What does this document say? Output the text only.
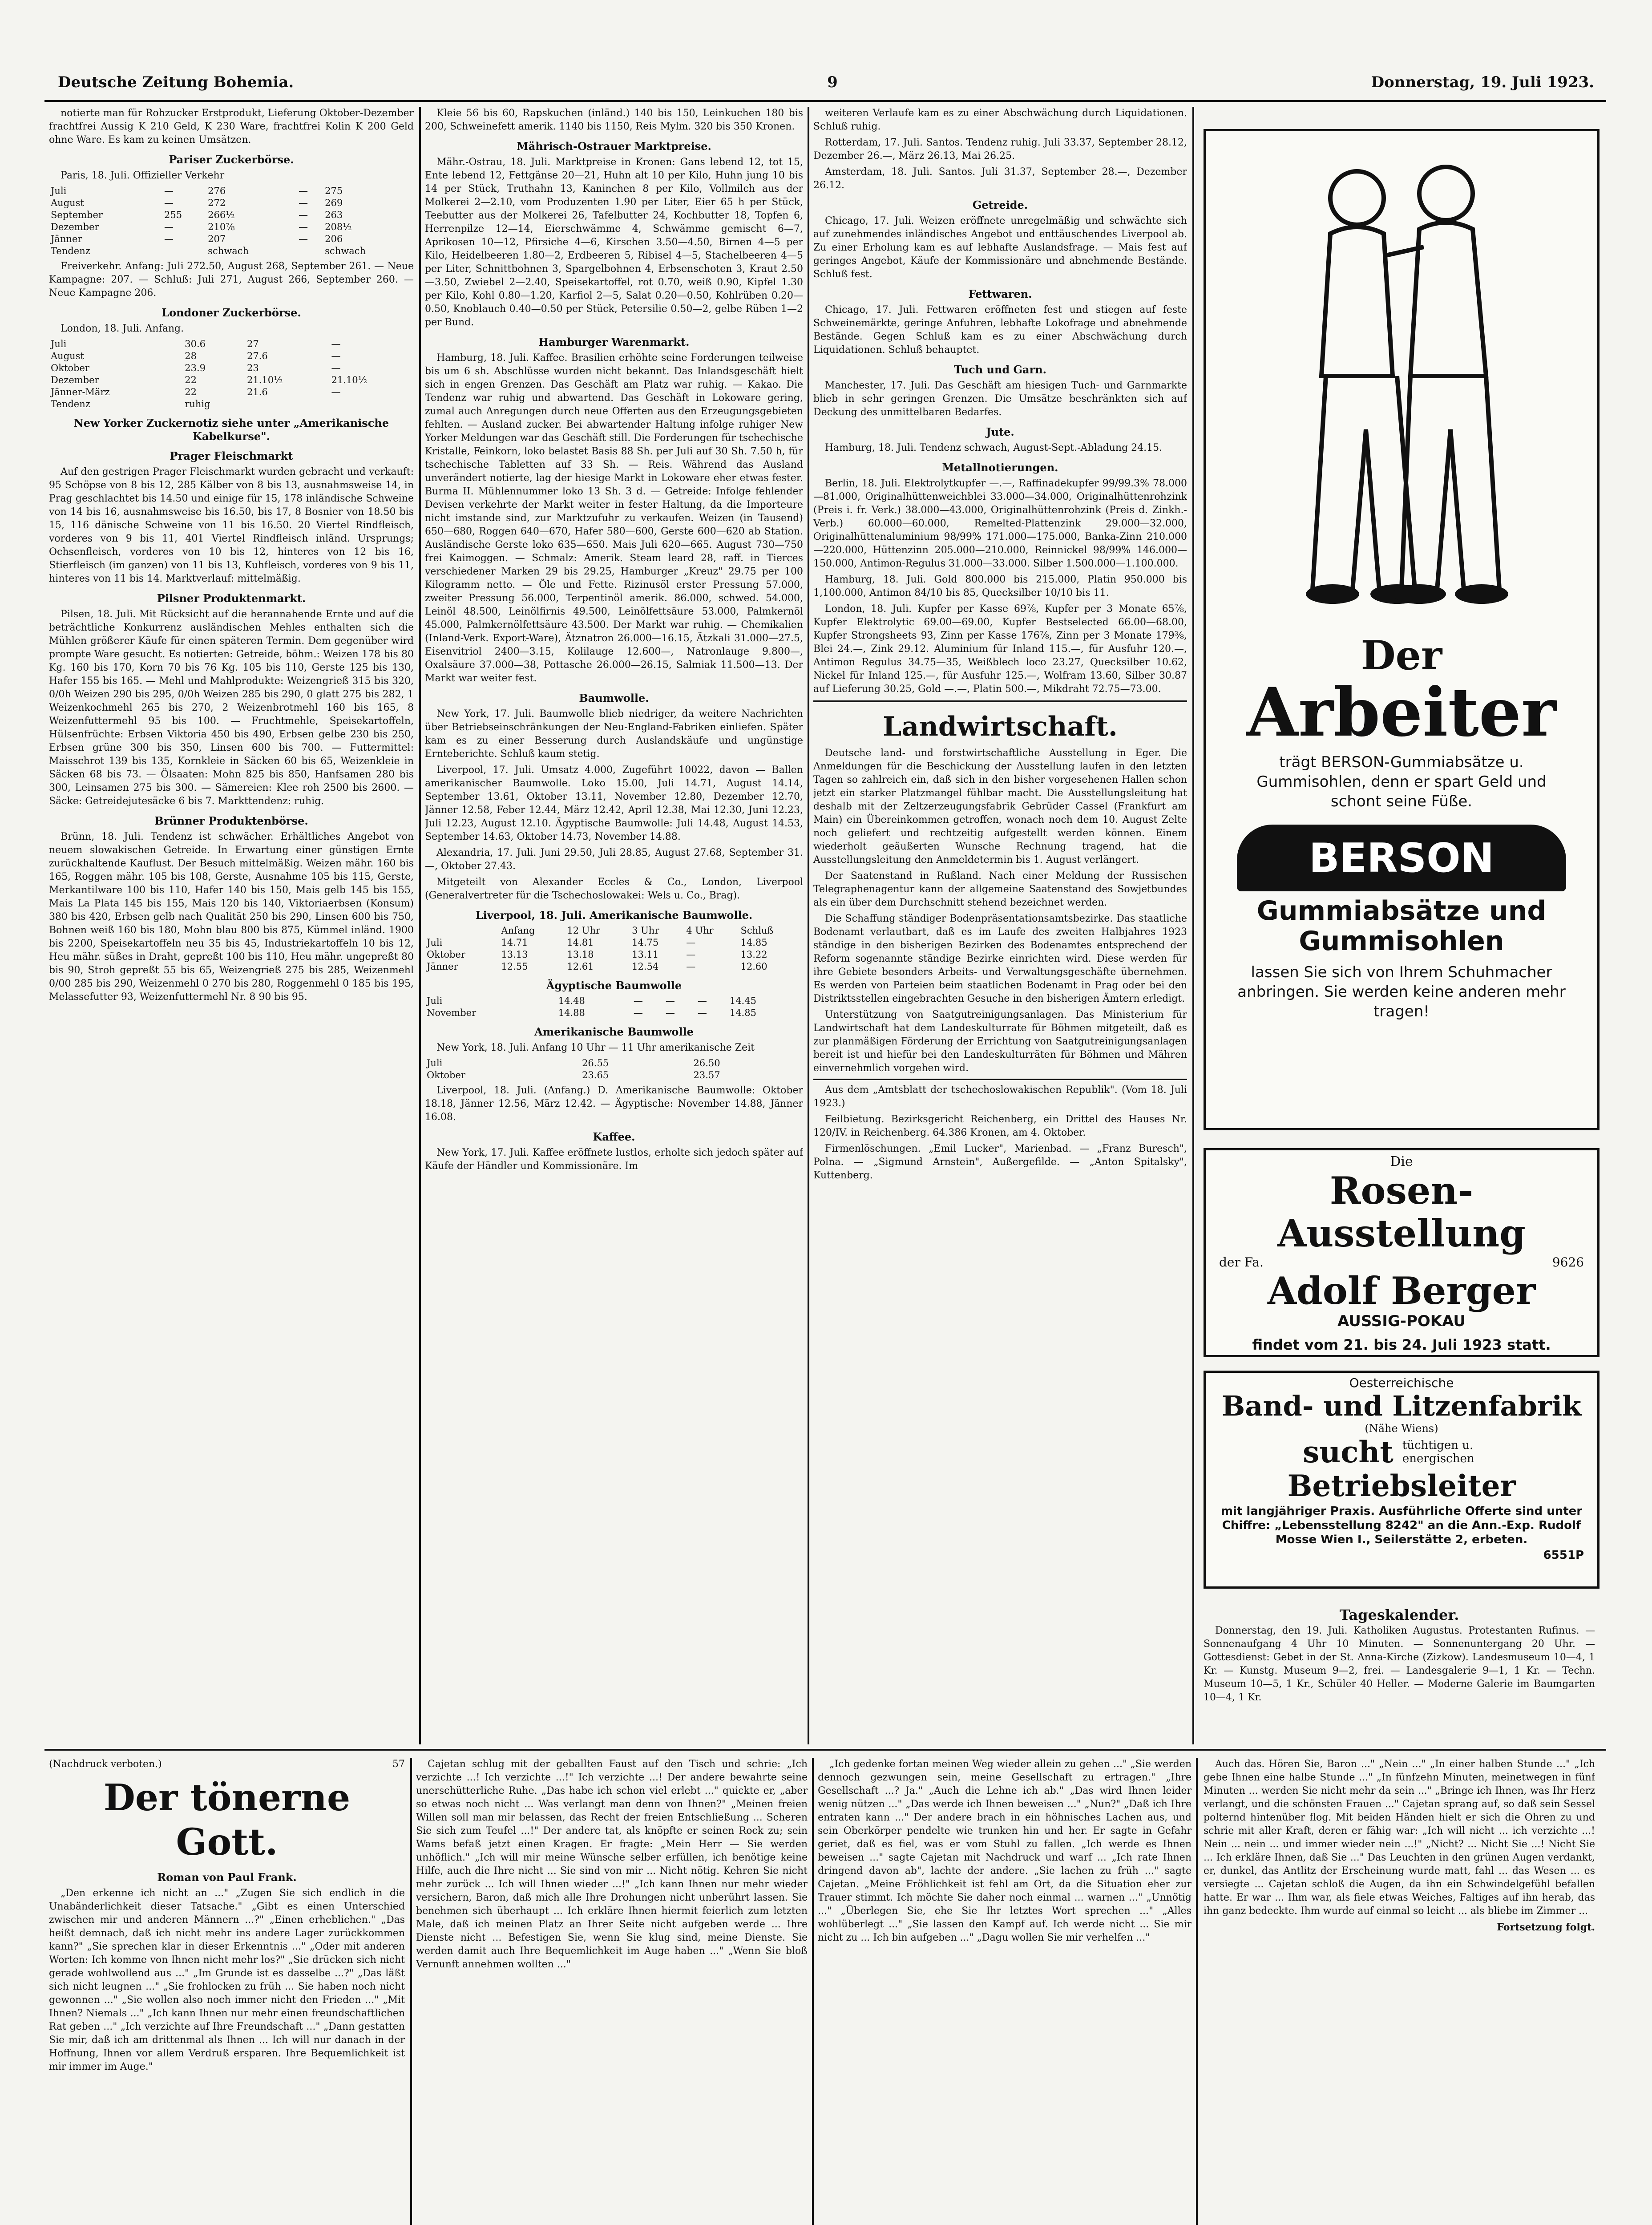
Deutsche Zeitung Bohemia.	9	Donnerstag, 19. Juli 1923.

notierte man für Rohzucker Erstprodukt, Lieferung Oktober-Dezember frachtfrei Aussig K 210 Geld, K 230 Ware, frachtfrei Kolin K 200 Geld ohne Ware. Es kam zu keinen Umsätzen.

Pariser Zuckerbörse.

Paris, 18. Juli. Offizieller Verkehr

Juli	—	276	—	275
August	—	272	—	269
September	255	266½	—	263
Dezember	—	210⅞	—	208½
Jänner	—	207	—	206
Tendenz		schwach		schwach

Freiverkehr. Anfang: Juli 272.50, August 268, September 261. — Neue Kampagne: 207. — Schluß: Juli 271, August 266, September 260. — Neue Kampagne 206.

Londoner Zuckerbörse.

London, 18. Juli. Anfang.

Juli	30.6	27	—
August	28	27.6	—
Oktober	23.9	23	—
Dezember	22	21.10½	21.10½
Jänner-März	22	21.6	—
Tendenz	ruhig		
New Yorker Zuckernotiz siehe unter „Amerikanische Kabelkurse".
Prager Fleischmarkt

Auf den gestrigen Prager Fleischmarkt wurden gebracht und verkauft: 95 Schöpse von 8 bis 12, 285 Kälber von 8 bis 13, ausnahmsweise 14, in Prag geschlachtet bis 14.50 und einige für 15, 178 inländische Schweine von 14 bis 16, ausnahmsweise bis 16.50, bis 17, 8 Bosnier von 18.50 bis 15, 116 dänische Schweine von 11 bis 16.50. 20 Viertel Rindfleisch, vorderes von 9 bis 11, 401 Viertel Rindfleisch inländ. Ursprungs; Ochsenfleisch, vorderes von 10 bis 12, hinteres von 12 bis 16, Stierfleisch (im ganzen) von 11 bis 13, Kuhfleisch, vorderes von 9 bis 11, hinteres von 11 bis 14. Marktverlauf: mittelmäßig.

Pilsner Produktenmarkt.

Pilsen, 18. Juli. Mit Rücksicht auf die herannahende Ernte und auf die beträchtliche Konkurrenz ausländischen Mehles enthalten sich die Mühlen größerer Käufe für einen späteren Termin. Dem gegenüber wird prompte Ware gesucht. Es notierten: Getreide, böhm.: Weizen 178 bis 80 Kg. 160 bis 170, Korn 70 bis 76 Kg. 105 bis 110, Gerste 125 bis 130, Hafer 155 bis 165. — Mehl und Mahlprodukte: Weizengrieß 315 bis 320, 0/0h Weizen 290 bis 295, 0/0h Weizen 285 bis 290, 0 glatt 275 bis 282, 1 Weizenkochmehl 265 bis 270, 2 Weizenbrotmehl 160 bis 165, 8 Weizenfuttermehl 95 bis 100. — Fruchtmehle, Speisekartoffeln, Hülsenfrüchte: Erbsen Viktoria 450 bis 490, Erbsen gelbe 230 bis 250, Erbsen grüne 300 bis 350, Linsen 600 bis 700. — Futtermittel: Maisschrot 139 bis 135, Kornkleie in Säcken 60 bis 65, Weizenkleie in Säcken 68 bis 73. — Ölsaaten: Mohn 825 bis 850, Hanfsamen 280 bis 300, Leinsamen 275 bis 300. — Sämereien: Klee roh 2500 bis 2600. — Säcke: Getreidejutesäcke 6 bis 7. Markttendenz: ruhig.

Brünner Produktenbörse.

Brünn, 18. Juli. Tendenz ist schwächer. Erhältliches Angebot von neuem slowakischen Getreide. In Erwartung einer günstigen Ernte zurückhaltende Kauflust. Der Besuch mittelmäßig. Weizen mähr. 160 bis 165, Roggen mähr. 105 bis 108, Gerste, Ausnahme 105 bis 115, Gerste, Merkantilware 100 bis 110, Hafer 140 bis 150, Mais gelb 145 bis 155, Mais La Plata 145 bis 155, Mais 120 bis 140, Viktoriaerbsen (Konsum) 380 bis 420, Erbsen gelb nach Qualität 250 bis 290, Linsen 600 bis 750, Bohnen weiß 160 bis 180, Mohn blau 800 bis 875, Kümmel inländ. 1900 bis 2200, Speisekartoffeln neu 35 bis 45, Industriekartoffeln 10 bis 12, Heu mähr. süßes in Draht, gepreßt 100 bis 110, Heu mähr. ungepreßt 80 bis 90, Stroh gepreßt 55 bis 65, Weizengrieß 275 bis 285, Weizenmehl 0/00 285 bis 290, Weizenmehl 0 270 bis 280, Roggenmehl 0 185 bis 195, Melassefutter 93, Weizenfuttermehl Nr. 8 90 bis 95.

Kleie 56 bis 60, Rapskuchen (inländ.) 140 bis 150, Leinkuchen 180 bis 200, Schweinefett amerik. 1140 bis 1150, Reis Mylm. 320 bis 350 Kronen.

Mährisch-Ostrauer Marktpreise.

Mähr.-Ostrau, 18. Juli. Marktpreise in Kronen: Gans lebend 12, tot 15, Ente lebend 12, Fettgänse 20—21, Huhn alt 10 per Kilo, Huhn jung 10 bis 14 per Stück, Truthahn 13, Kaninchen 8 per Kilo, Vollmilch aus der Molkerei 2—2.10, vom Produzenten 1.90 per Liter, Eier 65 h per Stück, Teebutter aus der Molkerei 26, Tafelbutter 24, Kochbutter 18, Topfen 6, Herrenpilze 12—14, Eierschwämme 4, Schwämme gemischt 6—7, Aprikosen 10—12, Pfirsiche 4—6, Kirschen 3.50—4.50, Birnen 4—5 per Kilo, Heidelbeeren 1.80—2, Erdbeeren 5, Ribisel 4—5, Stachelbeeren 4—5 per Liter, Schnittbohnen 3, Spargelbohnen 4, Erbsenschoten 3, Kraut 2.50—3.50, Zwiebel 2—2.40, Speisekartoffel, rot 0.70, weiß 0.90, Kipfel 1.30 per Kilo, Kohl 0.80—1.20, Karfiol 2—5, Salat 0.20—0.50, Kohlrüben 0.20—0.50, Knoblauch 0.40—0.50 per Stück, Petersilie 0.50—2, gelbe Rüben 1—2 per Bund.

Hamburger Warenmarkt.

Hamburg, 18. Juli. Kaffee. Brasilien erhöhte seine Forderungen teilweise bis um 6 sh. Abschlüsse wurden nicht bekannt. Das Inlandsgeschäft hielt sich in engen Grenzen. Das Geschäft am Platz war ruhig. — Kakao. Die Tendenz war ruhig und abwartend. Das Geschäft in Lokoware gering, zumal auch Anregungen durch neue Offerten aus den Erzeugungsgebieten fehlten. — Ausland zucker. Bei abwartender Haltung infolge ruhiger New Yorker Meldungen war das Geschäft still. Die Forderungen für tschechische Kristalle, Feinkorn, loko belastet Basis 88 Sh. per Juli auf 30 Sh. 7.50 h, für tschechische Tabletten auf 33 Sh. — Reis. Während das Ausland unverändert notierte, lag der hiesige Markt in Lokoware eher etwas fester. Burma II. Mühlennummer loko 13 Sh. 3 d. — Getreide: Infolge fehlender Devisen verkehrte der Markt weiter in fester Haltung, da die Importeure nicht imstande sind, zur Marktzufuhr zu verkaufen. Weizen (in Tausend) 650—680, Roggen 640—670, Hafer 580—600, Gerste 600—620 ab Station. Ausländische Gerste loko 635—650. Mais Juli 620—665. August 730—750 frei Kaimoggen. — Schmalz: Amerik. Steam leard 28, raff. in Tierces verschiedener Marken 29 bis 29.25, Hamburger „Kreuz" 29.75 per 100 Kilogramm netto. — Öle und Fette. Rizinusöl erster Pressung 57.000, zweiter Pressung 56.000, Terpentinöl amerik. 86.000, schwed. 54.000, Leinöl 48.500, Leinölfirnis 49.500, Leinölfettsäure 53.000, Palmkernöl 45.000, Palmkernölfettsäure 43.500. Der Markt war ruhig. — Chemikalien (Inland-Verk. Export-Ware), Ätznatron 26.000—16.15, Ätzkali 31.000—27.5, Eisenvitriol 2400—3.15, Kolilauge 12.600—, Natronlauge 9.800—, Oxalsäure 37.000—38, Pottasche 26.000—26.15, Salmiak 11.500—13. Der Markt war weiter fest.

Baumwolle.

New York, 17. Juli. Baumwolle blieb niedriger, da weitere Nachrichten über Betriebseinschränkungen der Neu-England-Fabriken einliefen. Später kam es zu einer Besserung durch Auslandskäufe und ungünstige Ernteberichte. Schluß kaum stetig.

Liverpool, 17. Juli. Umsatz 4.000, Zugeführt 10022, davon — Ballen amerikanischer Baumwolle. Loko 15.00, Juli 14.71, August 14.14, September 13.61, Oktober 13.11, November 12.80, Dezember 12.70, Jänner 12.58, Feber 12.44, März 12.42, April 12.38, Mai 12.30, Juni 12.23, Juli 12.23, August 12.10. Ägyptische Baumwolle: Juli 14.48, August 14.53, September 14.63, Oktober 14.73, November 14.88.

Alexandria, 17. Juli. Juni 29.50, Juli 28.85, August 27.68, September 31.—, Oktober 27.43.

Mitgeteilt von Alexander Eccles & Co., London, Liverpool (Generalvertreter für die Tschechoslowakei: Wels u. Co., Brag).

Liverpool, 18. Juli. Amerikanische Baumwolle.
	Anfang	12 Uhr	3 Uhr	4 Uhr	Schluß
Juli	14.71	14.81	14.75	—	14.85
Oktober	13.13	13.18	13.11	—	13.22
Jänner	12.55	12.61	12.54	—	12.60
Ägyptische Baumwolle
Juli	14.48	—	—	—	14.45
November	14.88	—	—	—	14.85
Amerikanische Baumwolle

New York, 18. Juli. Anfang 10 Uhr — 11 Uhr amerikanische Zeit

Juli	26.55	26.50
Oktober	23.65	23.57

Liverpool, 18. Juli. (Anfang.) D. Amerikanische Baumwolle: Oktober 18.18, Jänner 12.56, März 12.42. — Ägyptische: November 14.88, Jänner 16.08.

Kaffee.

New York, 17. Juli. Kaffee eröffnete lustlos, erholte sich jedoch später auf Käufe der Händler und Kommissionäre. Im

weiteren Verlaufe kam es zu einer Abschwächung durch Liquidationen. Schluß ruhig.

Rotterdam, 17. Juli. Santos. Tendenz ruhig. Juli 33.37, September 28.12, Dezember 26.—, März 26.13, Mai 26.25.

Amsterdam, 18. Juli. Santos. Juli 31.37, September 28.—, Dezember 26.12.

Getreide.

Chicago, 17. Juli. Weizen eröffnete unregelmäßig und schwächte sich auf zunehmendes inländisches Angebot und enttäuschendes Liverpool ab. Zu einer Erholung kam es auf lebhafte Auslandsfrage. — Mais fest auf geringes Angebot, Käufe der Kommissionäre und abnehmende Bestände. Schluß fest.

Fettwaren.

Chicago, 17. Juli. Fettwaren eröffneten fest und stiegen auf feste Schweinemärkte, geringe Anfuhren, lebhafte Lokofrage und abnehmende Bestände. Gegen Schluß kam es zu einer Abschwächung durch Liquidationen. Schluß behauptet.

Tuch und Garn.

Manchester, 17. Juli. Das Geschäft am hiesigen Tuch- und Garnmarkte blieb in sehr geringen Grenzen. Die Umsätze beschränkten sich auf Deckung des unmittelbaren Bedarfes.

Jute.

Hamburg, 18. Juli. Tendenz schwach, August-Sept.-Abladung 24.15.

Metallnotierungen.

Berlin, 18. Juli. Elektrolytkupfer —.—, Raffinadekupfer 99/99.3% 78.000—81.000, Originalhüttenweichblei 33.000—34.000, Originalhüttenrohzink (Preis i. fr. Verk.) 38.000—43.000, Originalhüttenrohzink (Preis d. Zinkh.-Verb.) 60.000—60.000, Remelted-Plattenzink 29.000—32.000, Originalhüttenaluminium 98/99% 171.000—175.000, Banka-Zinn 210.000—220.000, Hüttenzinn 205.000—210.000, Reinnickel 98/99% 146.000—150.000, Antimon-Regulus 31.000—33.000. Silber 1.500.000—1.100.000.

Hamburg, 18. Juli. Gold 800.000 bis 215.000, Platin 950.000 bis 1,100.000, Antimon 84/10 bis 85, Quecksilber 10/10 bis 11.

London, 18. Juli. Kupfer per Kasse 69⅞, Kupfer per 3 Monate 65⅞, Kupfer Elektrolytic 69.00—69.00, Kupfer Bestselected 66.00—68.00, Kupfer Strongsheets 93, Zinn per Kasse 176⅞, Zinn per 3 Monate 179⅜, Blei 24.—, Zink 29.12. Aluminium für Inland 115.—, für Ausfuhr 120.—, Antimon Regulus 34.75—35, Weißblech loco 23.27, Quecksilber 10.62, Nickel für Inland 125.—, für Ausfuhr 125.—, Wolfram 13.60, Silber 30.87 auf Lieferung 30.25, Gold —.—, Platin 500.—, Mikdraht 72.75—73.00.

Landwirtschaft.

Deutsche land- und forstwirtschaftliche Ausstellung in Eger. Die Anmeldungen für die Beschickung der Ausstellung laufen in den letzten Tagen so zahlreich ein, daß sich in den bisher vorgesehenen Hallen schon jetzt ein starker Platzmangel fühlbar macht. Die Ausstellungsleitung hat deshalb mit der Zeltzerzeugungsfabrik Gebrüder Cassel (Frankfurt am Main) ein Übereinkommen getroffen, wonach noch dem 10. August Zelte noch geliefert und rechtzeitig aufgestellt werden können. Einem wiederholt geäußerten Wunsche Rechnung tragend, hat die Ausstellungsleitung den Anmeldetermin bis 1. August verlängert.

Der Saatenstand in Rußland. Nach einer Meldung der Russischen Telegraphenagentur kann der allgemeine Saatenstand des Sowjetbundes als ein über dem Durchschnitt stehend bezeichnet werden.

Die Schaffung ständiger Bodenpräsentationsamtsbezirke. Das staatliche Bodenamt verlautbart, daß es im Laufe des zweiten Halbjahres 1923 ständige in den bisherigen Bezirken des Bodenamtes entsprechend der Reform sogenannte ständige Bezirke einrichten wird. Diese werden für ihre Gebiete besonders Arbeits- und Verwaltungsgeschäfte übernehmen. Es werden von Parteien beim staatlichen Bodenamt in Prag oder bei den Distriktsstellen eingebrachten Gesuche in den bisherigen Ämtern erledigt.

Unterstützung von Saatgutreinigungsanlagen. Das Ministerium für Landwirtschaft hat dem Landeskulturrate für Böhmen mitgeteilt, daß es zur planmäßigen Förderung der Errichtung von Saatgutreinigungsanlagen bereit ist und hiefür bei den Landeskulturräten für Böhmen und Mähren einvernehmlich vorgehen wird.

Aus dem „Amtsblatt der tschechoslowakischen Republik". (Vom 18. Juli 1923.)

Feilbietung. Bezirksgericht Reichenberg, ein Drittel des Hauses Nr. 120/IV. in Reichenberg. 64.386 Kronen, am 4. Oktober.

Firmenlöschungen. „Emil Lucker", Marienbad. — „Franz Buresch", Polna. — „Sigmund Arnstein", Außergefilde. — „Anton Spitalsky", Kuttenberg.

Der
Arbeiter
trägt BERSON-Gummiabsätze u. Gummisohlen, denn er spart Geld und schont seine Füße.
BERSON
Gummiabsätze und Gummisohlen
lassen Sie sich von Ihrem Schuhmacher anbringen. Sie werden keine anderen mehr tragen!
Die
Rosen-Ausstellung
der Fa.	9626
Adolf Berger
AUSSIG-POKAU
findet vom 21. bis 24. Juli 1923 statt.
Oesterreichische
Band- und Litzenfabrik
(Nähe Wiens)
sucht tüchtigen u. energischen
Betriebsleiter
mit langjähriger Praxis. Ausführliche Offerte sind unter Chiffre: „Lebensstellung 8242" an die Ann.-Exp. Rudolf Mosse Wien I., Seilerstätte 2, erbeten.
6551P
Tageskalender.

Donnerstag, den 19. Juli. Katholiken Augustus. Protestanten Rufinus. — Sonnenaufgang 4 Uhr 10 Minuten. — Sonnenuntergang 20 Uhr. — Gottesdienst: Gebet in der St. Anna-Kirche (Zizkow). Landesmuseum 10—4, 1 Kr. — Kunstg. Museum 9—2, frei. — Landesgalerie 9—1, 1 Kr. — Techn. Museum 10—5, 1 Kr., Schüler 40 Heller. — Moderne Galerie im Baumgarten 10—4, 1 Kr.

(Nachdruck verboten.)	57
Der tönerne Gott.
Roman von Paul Frank.

„Den erkenne ich nicht an ..." „Zugen Sie sich endlich in die Unabänderlichkeit dieser Tatsache." „Gibt es einen Unterschied zwischen mir und anderen Männern ...?" „Einen erheblichen." „Das heißt demnach, daß ich nicht mehr ins andere Lager zurückkommen kann?" „Sie sprechen klar in dieser Erkenntnis ..." „Oder mit anderen Worten: Ich komme von Ihnen nicht mehr los?" „Sie drücken sich nicht gerade wohlwollend aus ..." „Im Grunde ist es dasselbe ...?" „Das läßt sich nicht leugnen ..." „Sie frohlocken zu früh ... Sie haben noch nicht gewonnen ..." „Sie wollen also noch immer nicht den Frieden ..." „Mit Ihnen? Niemals ..." „Ich kann Ihnen nur mehr einen freundschaftlichen Rat geben ..." „Ich verzichte auf Ihre Freundschaft ..." „Dann gestatten Sie mir, daß ich am drittenmal als Ihnen ... Ich will nur danach in der Hoffnung, Ihnen vor allem Verdruß ersparen. Ihre Bequemlichkeit ist mir immer im Auge."

Cajetan schlug mit der geballten Faust auf den Tisch und schrie: „Ich verzichte ...! Ich verzichte ...!" Ich verzichte ...! Der andere bewahrte seine unerschütterliche Ruhe. „Das habe ich schon viel erlebt ..." quickte er, „aber so etwas noch nicht ... Was verlangt man denn von Ihnen?" „Meinen freien Willen soll man mir belassen, das Recht der freien Entschließung ... Scheren Sie sich zum Teufel ...!" Der andere tat, als knöpfte er seinen Rock zu; sein Wams befaß jetzt einen Kragen. Er fragte: „Mein Herr — Sie werden unhöflich." „Ich will mir meine Wünsche selber erfüllen, ich benötige keine Hilfe, auch die Ihre nicht ... Sie sind von mir ... Nicht nötig. Kehren Sie nicht mehr zurück ... Ich will Ihnen wieder ...!" „Ich kann Ihnen nur mehr wieder versichern, Baron, daß mich alle Ihre Drohungen nicht unberührt lassen. Sie benehmen sich überhaupt ... Ich erkläre Ihnen hiermit feierlich zum letzten Male, daß ich meinen Platz an Ihrer Seite nicht aufgeben werde ... Ihre Dienste nicht ... Befestigen Sie, wenn Sie klug sind, meine Dienste. Sie werden damit auch Ihre Bequemlichkeit im Auge haben ..." „Wenn Sie bloß Vernunft annehmen wollten ..."

„Ich gedenke fortan meinen Weg wieder allein zu gehen ..." „Sie werden dennoch gezwungen sein, meine Gesellschaft zu ertragen." „Ihre Gesellschaft ...? Ja." „Auch die Lehne ich ab." „Das wird Ihnen leider wenig nützen ..." „Das werde ich Ihnen beweisen ..." „Nun?" „Daß ich Ihre entraten kann ..." Der andere brach in ein höhnisches Lachen aus, und sein Oberkörper pendelte wie trunken hin und her. Er sagte in Gefahr geriet, daß es fiel, was er vom Stuhl zu fallen. „Ich werde es Ihnen beweisen ..." sagte Cajetan mit Nachdruck und warf ... „Ich rate Ihnen dringend davon ab", lachte der andere. „Sie lachen zu früh ..." sagte Cajetan. „Meine Fröhlichkeit ist fehl am Ort, da die Situation eher zur Trauer stimmt. Ich möchte Sie daher noch einmal ... warnen ..." „Unnötig ..." „Überlegen Sie, ehe Sie Ihr letztes Wort sprechen ..." „Alles wohlüberlegt ..." „Sie lassen den Kampf auf. Ich werde nicht ... Sie mir nicht zu ... Ich bin aufgeben ..." „Dagu wollen Sie mir verhelfen ..."

Auch das. Hören Sie, Baron ..." „Nein ..." „In einer halben Stunde ..." „Ich gebe Ihnen eine halbe Stunde ..." „In fünfzehn Minuten, meinetwegen in fünf Minuten ... werden Sie nicht mehr da sein ..." „Bringe ich Ihnen, was Ihr Herz verlangt, und die schönsten Frauen ..." Cajetan sprang auf, so daß sein Sessel polternd hintenüber flog. Mit beiden Händen hielt er sich die Ohren zu und schrie mit aller Kraft, deren er fähig war: „Ich will nicht ... ich verzichte ...! Nein ... nein ... und immer wieder nein ...!" „Nicht? ... Nicht Sie ...! Nicht Sie ... Ich erkläre Ihnen, daß Sie ..." Das Leuchten in den grünen Augen verdankt, er, dunkel, das Antlitz der Erscheinung wurde matt, fahl ... das Wesen ... es versiegte ... Cajetan schloß die Augen, da ihn ein Schwindelgefühl befallen hatte. Er war ... Ihm war, als fiele etwas Weiches, Faltiges auf ihn herab, das ihn ganz bedeckte. Ihm wurde auf einmal so leicht ... als bliebe im Zimmer ...

Fortsetzung folgt.
